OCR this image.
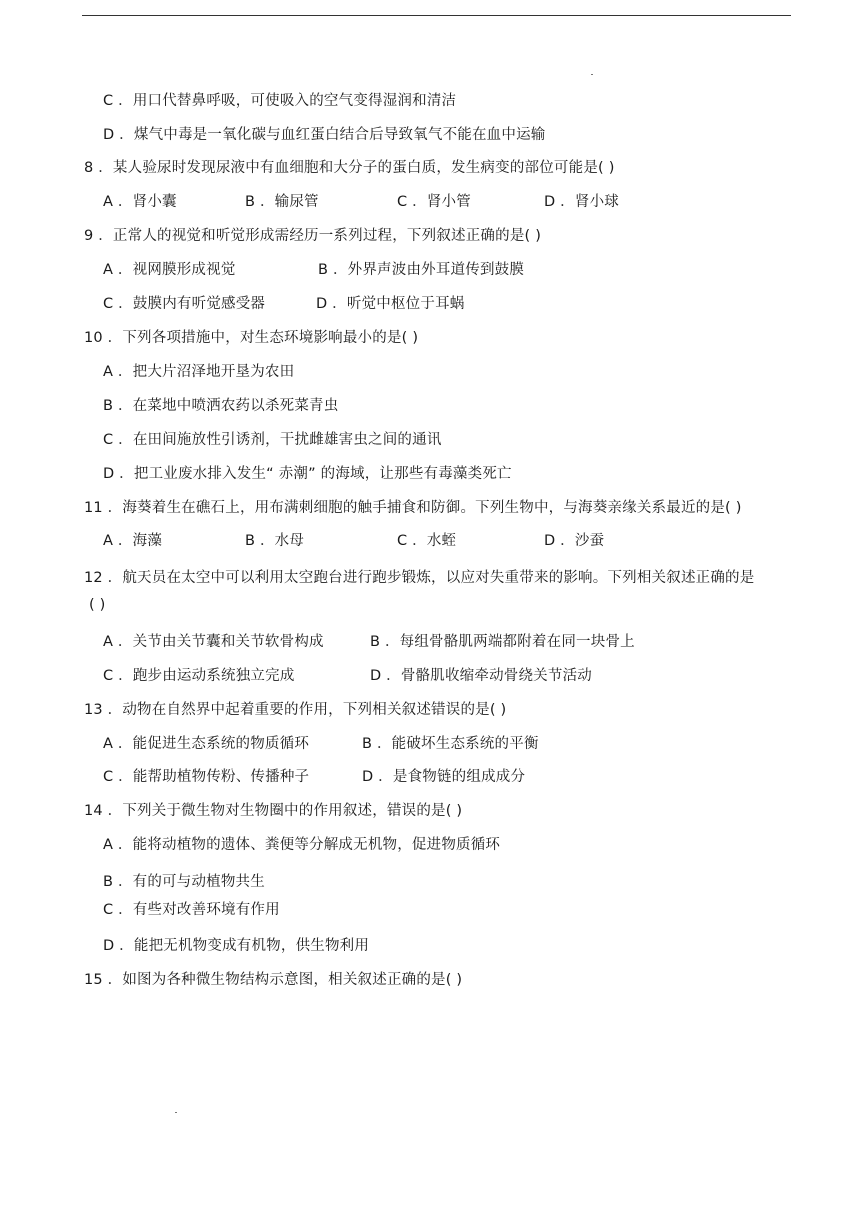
C ．用口代替鼻呼吸，可使吸入的空气变得湿润和清洁
D ．煤气中毒是一氧化碳与血红蛋白结合后导致氧气不能在血中运输
8 ．某人验尿时发现尿液中有血细胞和大分子的蛋白质，发生病变的部位可能是( )
A ．肾小囊	B ．输尿管	C ．肾小管	D ．肾小球
9 ．正常人的视觉和听觉形成需经历一系列过程，下列叙述正确的是( )
A ．视网膜形成视觉	B ．外界声波由外耳道传到鼓膜
C ．鼓膜内有听觉感受器	D ．听觉中枢位于耳蜗
10 ．下列各项措施中，对生态环境影响最小的是( )
A ．把大片沼泽地开垦为农田
B ．在菜地中喷洒农药以杀死菜青虫
C ．在田间施放性引诱剂，干扰雌雄害虫之间的通讯
D ．把工业废水排入发生“ 赤潮” 的海域，让那些有毒藻类死亡
11 ．海葵着生在礁石上，用布满刺细胞的触手捕食和防御。下列生物中，与海葵亲缘关系最近的是( )
A ．海藻	B ．水母	C ．水蛭	D ．沙蚕
12 ．航天员在太空中可以利用太空跑台进行跑步锻炼，以应对失重带来的影响。下列相关叙述正确的是
( )
A ．关节由关节囊和关节软骨构成	B ．每组骨骼肌两端都附着在同一块骨上
C ．跑步由运动系统独立完成	D ．骨骼肌收缩牵动骨绕关节活动
13 ．动物在自然界中起着重要的作用，下列相关叙述错误的是( )
A ．能促进生态系统的物质循环	B ．能破坏生态系统的平衡
C ．能帮助植物传粉、传播种子	D ．是食物链的组成成分
14 ．下列关于微生物对生物圈中的作用叙述，错误的是( )
A ．能将动植物的遗体、粪便等分解成无机物，促进物质循环
B ．有的可与动植物共生
C ．有些对改善环境有作用
D ．能把无机物变成有机物，供生物利用
15 ．如图为各种微生物结构示意图，相关叙述正确的是( )
